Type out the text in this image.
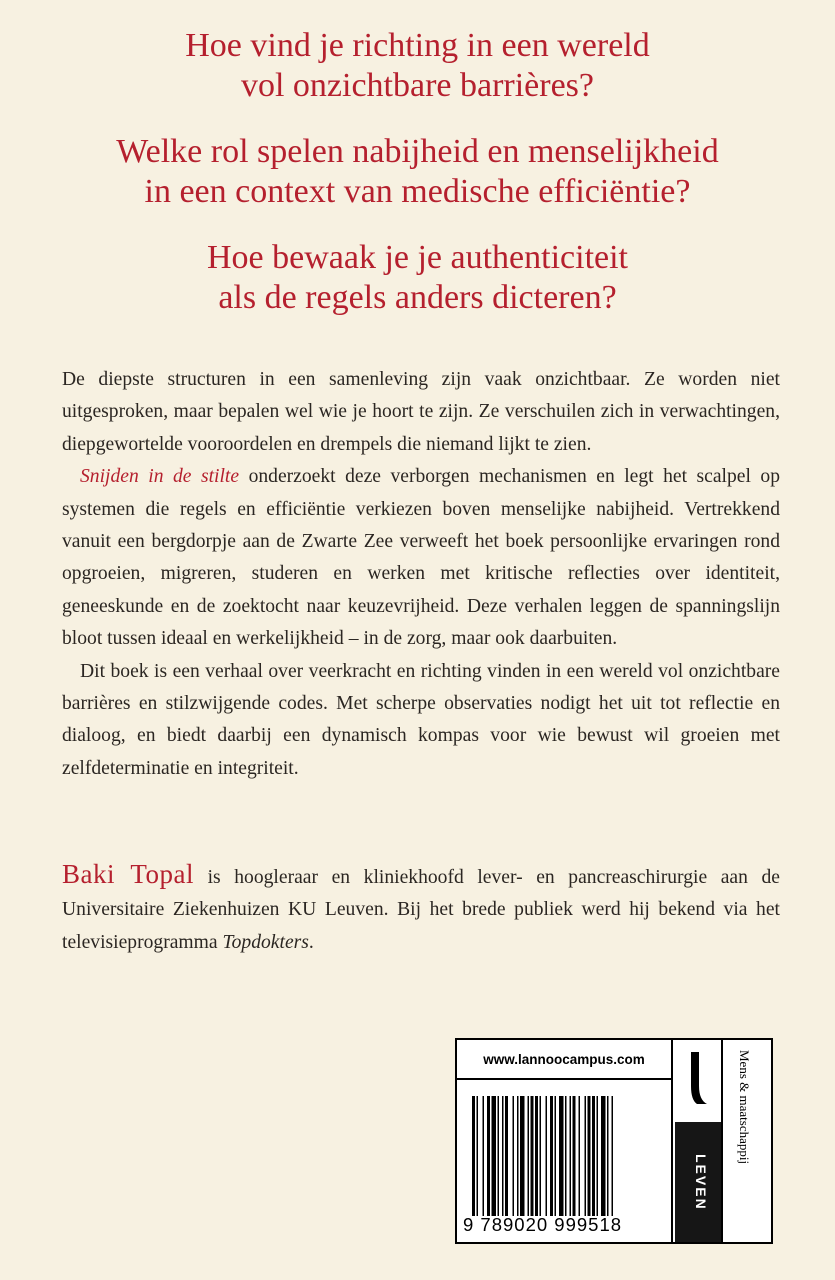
Hoe vind je richting in een wereld
vol onzichtbare barrières?

Welke rol spelen nabijheid en menselijkheid
in een context van medische efficiëntie?

Hoe bewaak je je authenticiteit
als de regels anders dicteren?

De diepste structuren in een samenleving zijn vaak onzichtbaar. Ze worden niet uitgesproken, maar bepalen wel wie je hoort te zijn. Ze verschuilen zich in verwachtingen, diepgewortelde vooroordelen en drempels die niemand lijkt te zien.

Snijden in de stilte onderzoekt deze verborgen mechanismen en legt het scalpel op systemen die regels en efficiëntie verkiezen boven menselijke nabijheid. Vertrekkend vanuit een bergdorpje aan de Zwarte Zee verweeft het boek persoonlijke ervaringen rond opgroeien, migreren, studeren en werken met kritische reflecties over identiteit, geneeskunde en de zoektocht naar keuzevrijheid. Deze verhalen leggen de spanningslijn bloot tussen ideaal en werkelijkheid – in de zorg, maar ook daarbuiten.

Dit boek is een verhaal over veerkracht en richting vinden in een wereld vol onzichtbare barrières en stilzwijgende codes. Met scherpe observaties nodigt het uit tot reflectie en dialoog, en biedt daarbij een dynamisch kompas voor wie bewust wil groeien met zelfdeterminatie en integriteit.

Baki Topal is hoogleraar en kliniekhoofd lever- en pancreaschirurgie aan de Universitaire Ziekenhuizen KU Leuven. Bij het brede publiek werd hij bekend via het televisieprogramma Topdokters.
www.lannoocampus.com
9 789020 999518
LEVEN
Mens & maatschappij
